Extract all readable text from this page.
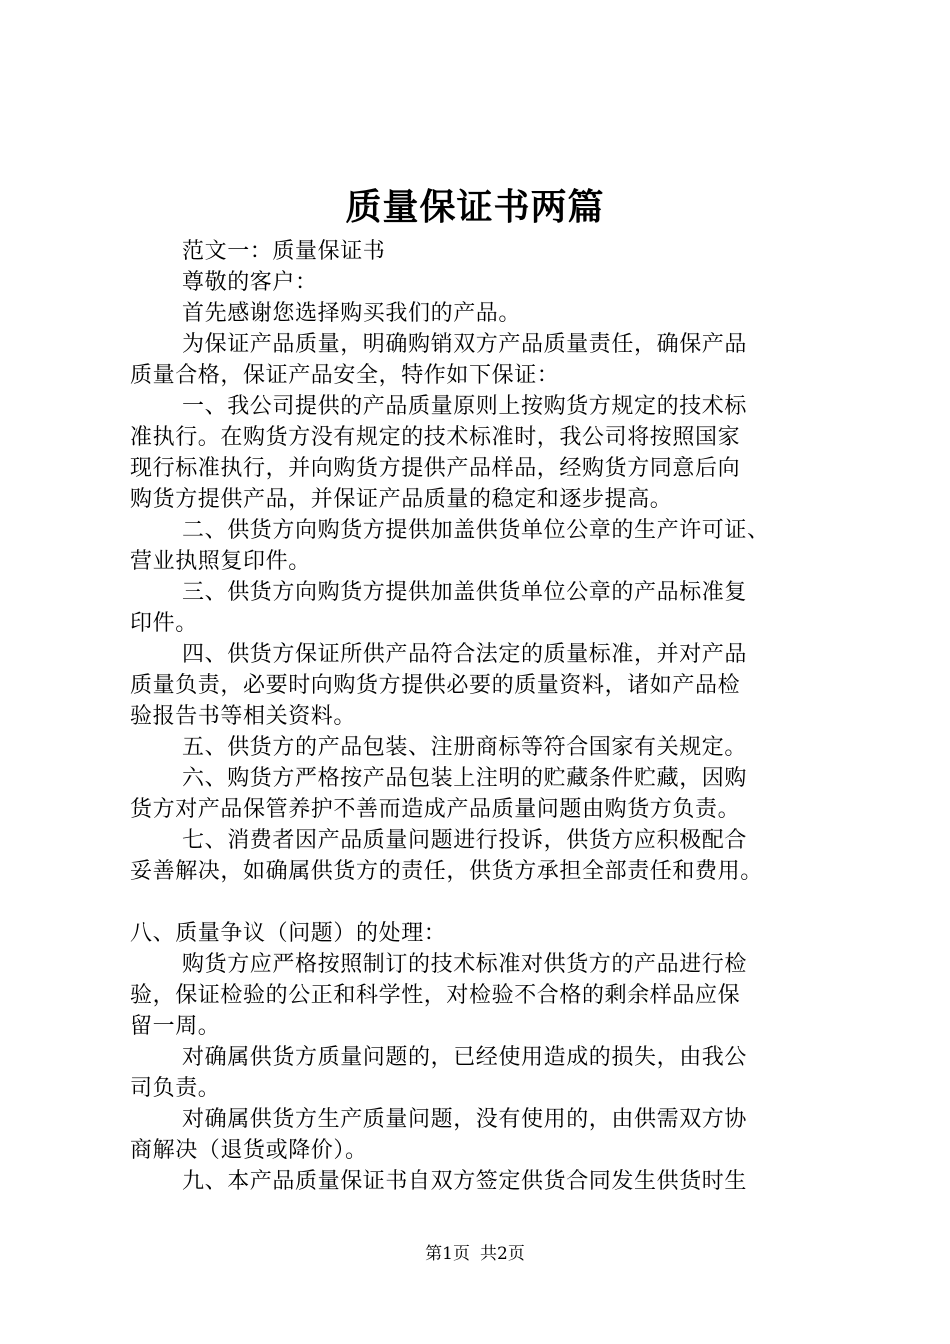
质量保证书两篇

范文一：质量保证书

尊敬的客户：

首先感谢您选择购买我们的产品。

为保证产品质量，明确购销双方产品质量责任，确保产品

质量合格，保证产品安全，特作如下保证：

一、我公司提供的产品质量原则上按购货方规定的技术标

准执行。在购货方没有规定的技术标准时，我公司将按照国家

现行标准执行，并向购货方提供产品样品，经购货方同意后向

购货方提供产品，并保证产品质量的稳定和逐步提高。

二、供货方向购货方提供加盖供货单位公章的生产许可证、

营业执照复印件。

三、供货方向购货方提供加盖供货单位公章的产品标准复

印件。

四、供货方保证所供产品符合法定的质量标准，并对产品

质量负责，必要时向购货方提供必要的质量资料，诸如产品检

验报告书等相关资料。

五、供货方的产品包装、注册商标等符合国家有关规定。

六、购货方严格按产品包装上注明的贮藏条件贮藏，因购

货方对产品保管养护不善而造成产品质量问题由购货方负责。

七、消费者因产品质量问题进行投诉，供货方应积极配合

妥善解决，如确属供货方的责任，供货方承担全部责任和费用。

八、质量争议（问题）的处理：

购货方应严格按照制订的技术标准对供货方的产品进行检

验，保证检验的公正和科学性，对检验不合格的剩余样品应保

留一周。

对确属供货方质量问题的，已经使用造成的损失，由我公

司负责。

对确属供货方生产质量问题，没有使用的，由供需双方协

商解决（退货或降价）。

九、本产品质量保证书自双方签定供货合同发生供货时生

第1页 共2页
